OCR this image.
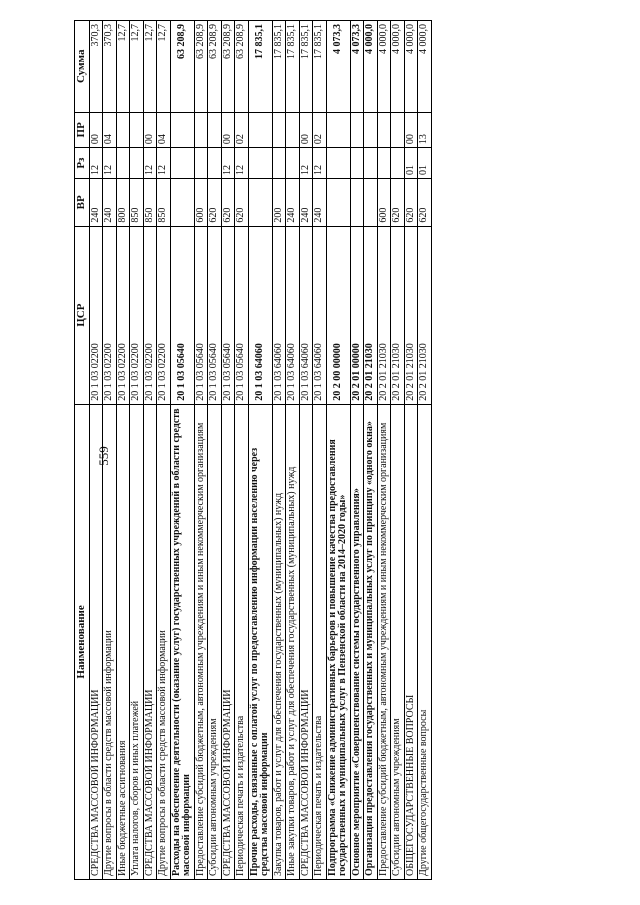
559
Наименование	ЦСР	ВР	Рз	ПР	Сумма
СРЕДСТВА МАССОВОЙ ИНФОРМАЦИИ	20 1 03 02200	240	12	00	370,3
Другие вопросы в области средств массовой информации	20 1 03 02200	240	12	04	370,3
Иные бюджетные ассигнования	20 1 03 02200	800			12,7
Уплата налогов, сборов и иных платежей	20 1 03 02200	850			12,7
СРЕДСТВА МАССОВОЙ ИНФОРМАЦИИ	20 1 03 02200	850	12	00	12,7
Другие вопросы в области средств массовой информации	20 1 03 02200	850	12	04	12,7
Расходы на обеспечение деятельности (оказание услуг) государственных учреждений в области средств массовой информации	20 1 03 05640				63 208,9
Предоставление субсидий бюджетным, автономным учреждениям и иным некоммерческим организациям	20 1 03 05640	600			63 208,9
Субсидии автономным учреждениям	20 1 03 05640	620			63 208,9
СРЕДСТВА МАССОВОЙ ИНФОРМАЦИИ	20 1 03 05640	620	12	00	63 208,9
Периодическая печать и издательства	20 1 03 05640	620	12	02	63 208,9
Прочие расходы, связанные с оплатой услуг по предоставлению информации населению через средства массовой информации	20 1 03 64060				17 835,1
Закупка товаров, работ и услуг для обеспечения государственных (муниципальных) нужд	20 1 03 64060	200			17 835,1
Иные закупки товаров, работ и услуг для обеспечения государственных (муниципальных) нужд	20 1 03 64060	240			17 835,1
СРЕДСТВА МАССОВОЙ ИНФОРМАЦИИ	20 1 03 64060	240	12	00	17 835,1
Периодическая печать и издательства	20 1 03 64060	240	12	02	17 835,1
Подпрограмма «Снижение административных барьеров и повышение качества предоставления государственных и муниципальных услуг в Пензенской области на 2014–2020 годы»	20 2 00 00000				4 073,3
Основное мероприятие «Совершенствование системы государственного управления»	20 2 01 00000				4 073,3
Организация предоставления государственных и муниципальных услуг по принципу «одного окна»	20 2 01 21030				4 000,0
Предоставление субсидий бюджетным, автономным учреждениям и иным некоммерческим организациям	20 2 01 21030	600			4 000,0
Субсидии автономным учреждениям	20 2 01 21030	620			4 000,0
ОБЩЕГОСУДАРСТВЕННЫЕ ВОПРОСЫ	20 2 01 21030	620	01	00	4 000,0
Другие общегосударственные вопросы	20 2 01 21030	620	01	13	4 000,0
